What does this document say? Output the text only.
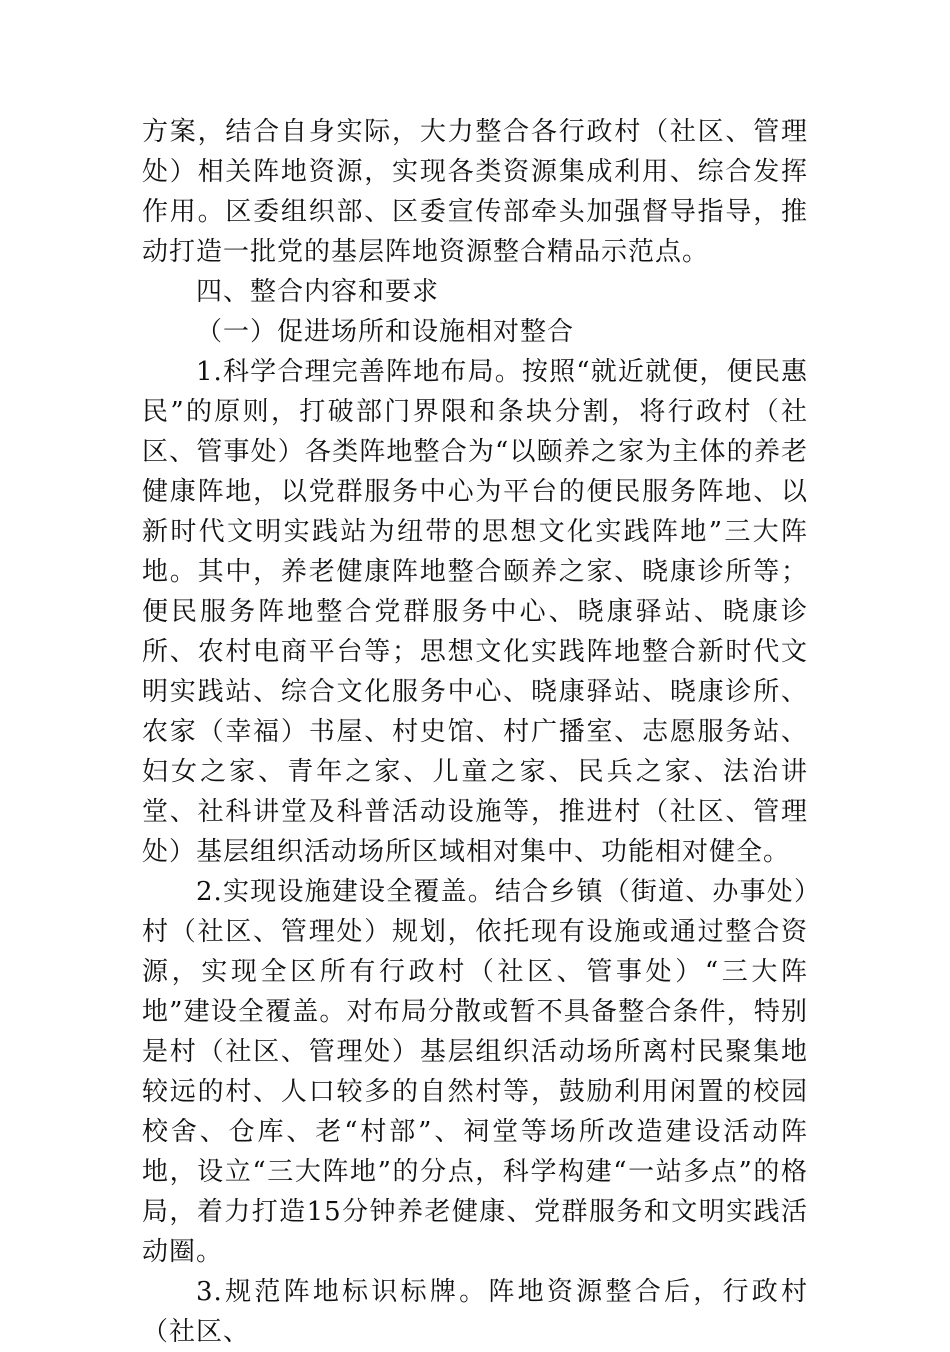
方案，结合自身实际，大力整合各行政村（社区、管理处）相关阵地资源，实现各类资源集成利用、综合发挥作用。区委组织部、区委宣传部牵头加强督导指导，推动打造一批党的基层阵地资源整合精品示范点。

四、整合内容和要求

（一）促进场所和设施相对整合

1.科学合理完善阵地布局。按照“就近就便，便民惠民”的原则，打破部门界限和条块分割，将行政村（社区、管事处）各类阵地整合为“以颐养之家为主体的养老健康阵地，以党群服务中心为平台的便民服务阵地、以新时代文明实践站为纽带的思想文化实践阵地”三大阵地。其中，养老健康阵地整合颐养之家、晓康诊所等；便民服务阵地整合党群服务中心、晓康驿站、晓康诊所、农村电商平台等；思想文化实践阵地整合新时代文明实践站、综合文化服务中心、晓康驿站、晓康诊所、农家（幸福）书屋、村史馆、村广播室、志愿服务站、妇女之家、青年之家、儿童之家、民兵之家、法治讲堂、社科讲堂及科普活动设施等，推进村（社区、管理处）基层组织活动场所区域相对集中、功能相对健全。

2.实现设施建设全覆盖。结合乡镇（街道、办事处）村（社区、管理处）规划，依托现有设施或通过整合资源，实现全区所有行政村（社区、管事处）“三大阵地”建设全覆盖。对布局分散或暂不具备整合条件，特别是村（社区、管理处）基层组织活动场所离村民聚集地较远的村、人口较多的自然村等，鼓励利用闲置的校园校舍、仓库、老“村部”、祠堂等场所改造建设活动阵地，设立“三大阵地”的分点，科学构建“一站多点”的格局，着力打造15分钟养老健康、党群服务和文明实践活动圈。

3.规范阵地标识标牌。阵地资源整合后，行政村（社区、
